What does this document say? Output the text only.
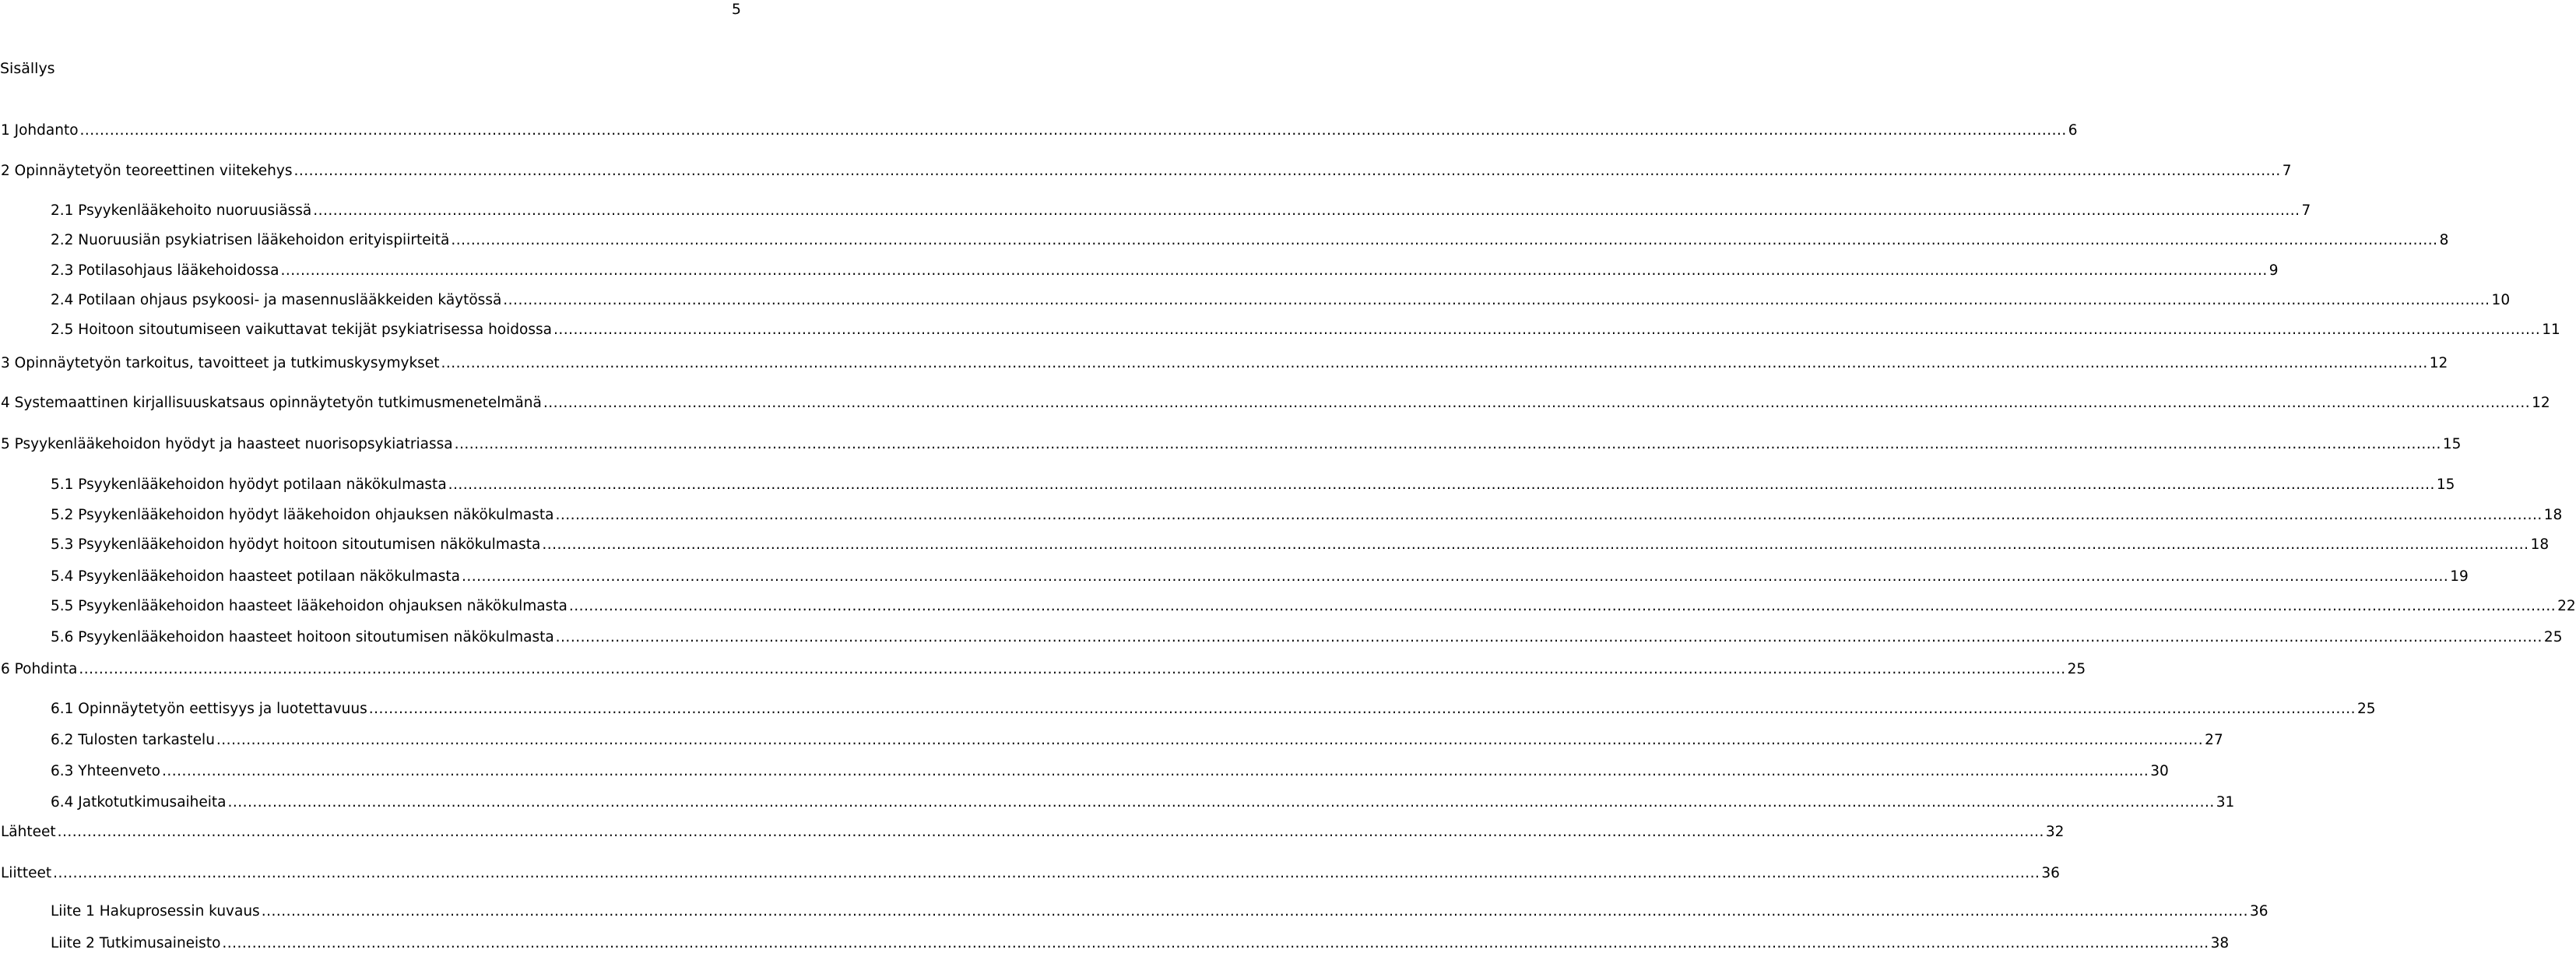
5
Sisällys
1 Johdanto ................................................................................................................................................................................................................................................................................................................................................................................................................ 6
2 Opinnäytetyön teoreettinen viitekehys ................................................................................................................................................................................................................................................................................................................................................................................................................ 7
2.1 Psyykenlääkehoito nuoruusiässä ................................................................................................................................................................................................................................................................................................................................................................................................................ 7
2.2 Nuoruusiän psykiatrisen lääkehoidon erityispiirteitä ................................................................................................................................................................................................................................................................................................................................................................................................................ 8
2.3 Potilasohjaus lääkehoidossa ................................................................................................................................................................................................................................................................................................................................................................................................................ 9
2.4 Potilaan ohjaus psykoosi- ja masennuslääkkeiden käytössä ................................................................................................................................................................................................................................................................................................................................................................................................................ 10
2.5 Hoitoon sitoutumiseen vaikuttavat tekijät psykiatrisessa hoidossa ................................................................................................................................................................................................................................................................................................................................................................................................................ 11
3 Opinnäytetyön tarkoitus, tavoitteet ja tutkimuskysymykset ................................................................................................................................................................................................................................................................................................................................................................................................................ 12
4 Systemaattinen kirjallisuuskatsaus opinnäytetyön tutkimusmenetelmänä ................................................................................................................................................................................................................................................................................................................................................................................................................ 12
5 Psyykenlääkehoidon hyödyt ja haasteet nuorisopsykiatriassa ................................................................................................................................................................................................................................................................................................................................................................................................................ 15
5.1 Psyykenlääkehoidon hyödyt potilaan näkökulmasta ................................................................................................................................................................................................................................................................................................................................................................................................................ 15
5.2 Psyykenlääkehoidon hyödyt lääkehoidon ohjauksen näkökulmasta ................................................................................................................................................................................................................................................................................................................................................................................................................ 18
5.3 Psyykenlääkehoidon hyödyt hoitoon sitoutumisen näkökulmasta ................................................................................................................................................................................................................................................................................................................................................................................................................ 18
5.4 Psyykenlääkehoidon haasteet potilaan näkökulmasta ................................................................................................................................................................................................................................................................................................................................................................................................................ 19
5.5 Psyykenlääkehoidon haasteet lääkehoidon ohjauksen näkökulmasta ................................................................................................................................................................................................................................................................................................................................................................................................................ 22
5.6 Psyykenlääkehoidon haasteet hoitoon sitoutumisen näkökulmasta ................................................................................................................................................................................................................................................................................................................................................................................................................ 25
6 Pohdinta ................................................................................................................................................................................................................................................................................................................................................................................................................ 25
6.1 Opinnäytetyön eettisyys ja luotettavuus ................................................................................................................................................................................................................................................................................................................................................................................................................ 25
6.2 Tulosten tarkastelu ................................................................................................................................................................................................................................................................................................................................................................................................................ 27
6.3 Yhteenveto ................................................................................................................................................................................................................................................................................................................................................................................................................ 30
6.4 Jatkotutkimusaiheita ................................................................................................................................................................................................................................................................................................................................................................................................................ 31
Lähteet ................................................................................................................................................................................................................................................................................................................................................................................................................ 32
Liitteet ................................................................................................................................................................................................................................................................................................................................................................................................................ 36
Liite 1 Hakuprosessin kuvaus ................................................................................................................................................................................................................................................................................................................................................................................................................ 36
Liite 2 Tutkimusaineisto ................................................................................................................................................................................................................................................................................................................................................................................................................ 38
